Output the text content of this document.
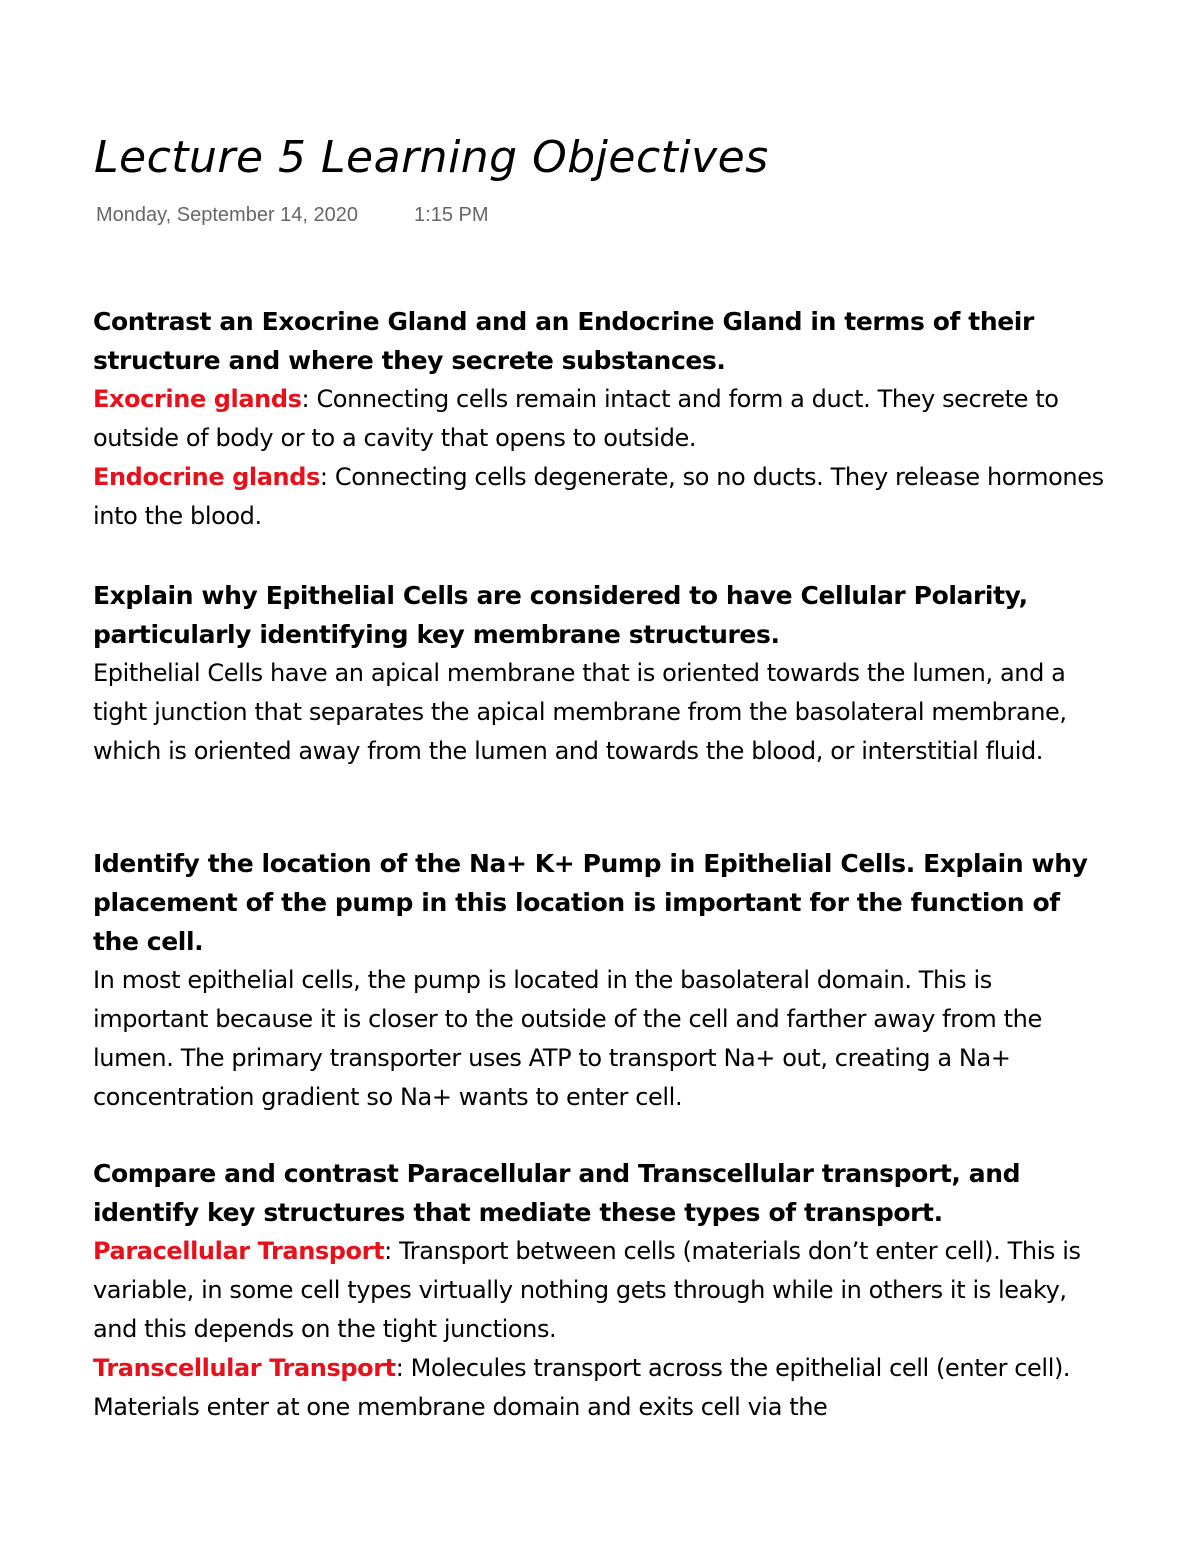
Lecture 5 Learning Objectives
Monday, September 14, 2020	1:15 PM

Contrast an Exocrine Gland and an Endocrine Gland in terms of their structure and where they secrete substances.

Exocrine glands: Connecting cells remain intact and form a duct. They secrete to outside of body or to a cavity that opens to outside.

Endocrine glands: Connecting cells degenerate, so no ducts. They release hormones into the blood.

Explain why Epithelial Cells are considered to have Cellular Polarity, particularly identifying key membrane structures.

Epithelial Cells have an apical membrane that is oriented towards the lumen, and a tight junction that separates the apical membrane from the basolateral membrane, which is oriented away from the lumen and towards the blood, or interstitial fluid.

Identify the location of the Na+ K+ Pump in Epithelial Cells. Explain why placement of the pump in this location is important for the function of the cell.

In most epithelial cells, the pump is located in the basolateral domain. This is important because it is closer to the outside of the cell and farther away from the lumen. The primary transporter uses ATP to transport Na+ out, creating a Na+ concentration gradient so Na+ wants to enter cell.

Compare and contrast Paracellular and Transcellular transport, and identify key structures that mediate these types of transport.

Paracellular Transport: Transport between cells (materials don’t enter cell). This is variable, in some cell types virtually nothing gets through while in others it is leaky, and this depends on the tight junctions.

Transcellular Transport: Molecules transport across the epithelial cell (enter cell). Materials enter at one membrane domain and exits cell via the
